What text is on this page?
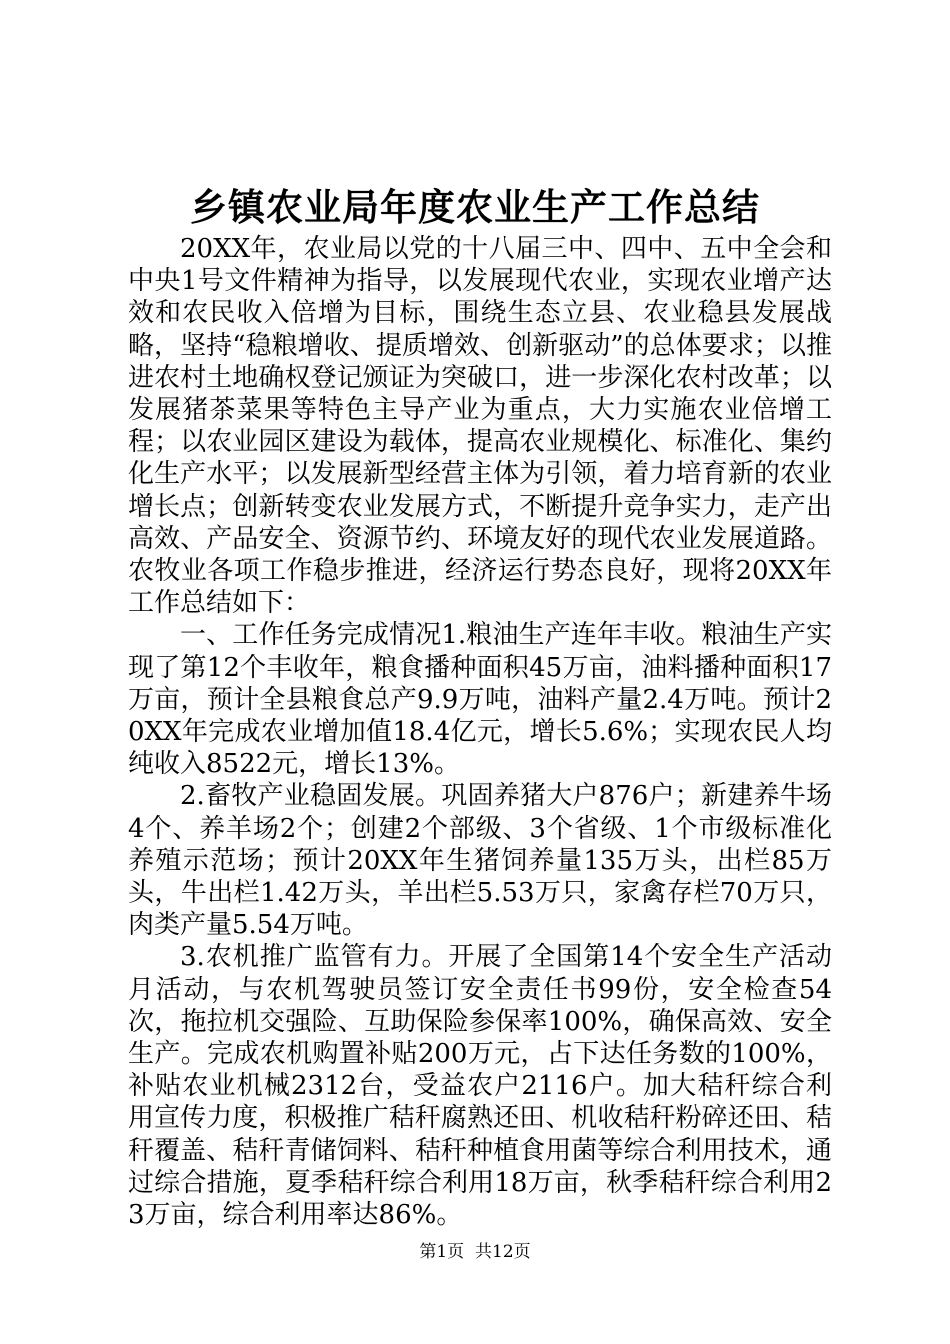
乡镇农业局年度农业生产工作总结

20XX年，农业局以党的十八届三中、四中、五中全会和中央1号文件精神为指导，以发展现代农业，实现农业增产达效和农民收入倍增为目标，围绕生态立县、农业稳县发展战略，坚持“稳粮增收、提质增效、创新驱动”的总体要求；以推进农村土地确权登记颁证为突破口，进一步深化农村改革；以发展猪茶菜果等特色主导产业为重点，大力实施农业倍增工程；以农业园区建设为载体，提高农业规模化、标准化、集约化生产水平；以发展新型经营主体为引领，着力培育新的农业增长点；创新转变农业发展方式，不断提升竞争实力，走产出高效、产品安全、资源节约、环境友好的现代农业发展道路。农牧业各项工作稳步推进，经济运行势态良好，现将20XX年工作总结如下：

一、工作任务完成情况1.粮油生产连年丰收。粮油生产实现了第12个丰收年，粮食播种面积45万亩，油料播种面积17万亩，预计全县粮食总产9.9万吨，油料产量2.4万吨。预计20XX年完成农业增加值18.4亿元，增长5.6%；实现农民人均纯收入8522元，增长13%。

2.畜牧产业稳固发展。巩固养猪大户876户；新建养牛场4个、养羊场2个；创建2个部级、3个省级、1个市级标准化养殖示范场；预计20XX年生猪饲养量135万头，出栏85万头，牛出栏1.42万头，羊出栏5.53万只，家禽存栏70万只，肉类产量5.54万吨。

3.农机推广监管有力。开展了全国第14个安全生产活动月活动，与农机驾驶员签订安全责任书99份，安全检查54次，拖拉机交强险、互助保险参保率100%，确保高效、安全生产。完成农机购置补贴200万元，占下达任务数的100%，补贴农业机械2312台，受益农户2116户。加大秸秆综合利用宣传力度，积极推广秸秆腐熟还田、机收秸秆粉碎还田、秸秆覆盖、秸秆青储饲料、秸秆种植食用菌等综合利用技术，通过综合措施，夏季秸秆综合利用18万亩，秋季秸秆综合利用23万亩，综合利用率达86%。

第1页 共12页
